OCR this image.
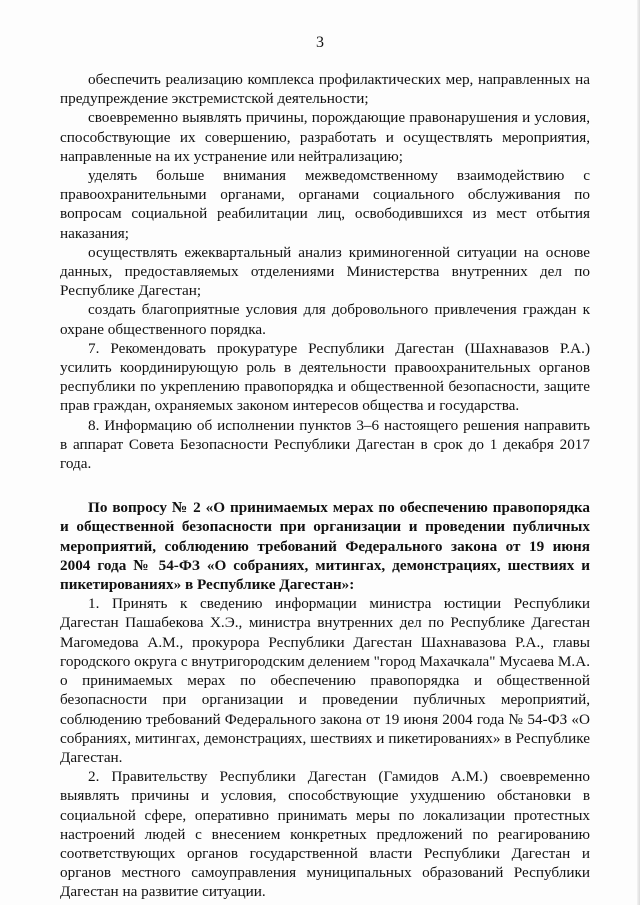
3

обеспечить реализацию комплекса профилактических мер, направленных на предупреждение экстремистской деятельности;

своевременно выявлять причины, порождающие правонарушения и условия, способствующие их совершению, разработать и осуществлять мероприятия, направленные на их устранение или нейтрализацию;

уделять больше внимания межведомственному взаимодействию с правоохранительными органами, органами социального обслуживания по вопросам социальной реабилитации лиц, освободившихся из мест отбытия наказания;

осуществлять ежеквартальный анализ криминогенной ситуации на основе данных, предоставляемых отделениями Министерства внутренних дел по Республике Дагестан;

создать благоприятные условия для добровольного привлечения граждан к охране общественного порядка.

7. Рекомендовать прокуратуре Республики Дагестан (Шахнавазов Р.А.) усилить координирующую роль в деятельности правоохранительных органов республики по укреплению правопорядка и общественной безопасности, защите прав граждан, охраняемых законом интересов общества и государства.

8. Информацию об исполнении пунктов 3–6 настоящего решения направить в аппарат Совета Безопасности Республики Дагестан в срок до 1 декабря 2017 года.

По вопросу № 2 «О принимаемых мерах по обеспечению правопорядка и общественной безопасности при организации и проведении публичных мероприятий, соблюдению требований Федерального закона от 19 июня 2004 года № 54-ФЗ «О собраниях, митингах, демонстрациях, шествиях и пикетированиях» в Республике Дагестан»:

1. Принять к сведению информации министра юстиции Республики Дагестан Пашабекова Х.Э., министра внутренних дел по Республике Дагестан Магомедова А.М., прокурора Республики Дагестан Шахнавазова Р.А., главы городского округа с внутригородским делением "город Махачкала" Мусаева М.А. о принимаемых мерах по обеспечению правопорядка и общественной безопасности при организации и проведении публичных мероприятий, соблюдению требований Федерального закона от 19 июня 2004 года № 54-ФЗ «О собраниях, митингах, демонстрациях, шествиях и пикетированиях» в Республике Дагестан.

2. Правительству Республики Дагестан (Гамидов А.М.) своевременно выявлять причины и условия, способствующие ухудшению обстановки в социальной сфере, оперативно принимать меры по локализации протестных настроений людей с внесением конкретных предложений по реагированию соответствующих органов государственной власти Республики Дагестан и органов местного самоуправления муниципальных образований Республики Дагестан на развитие ситуации.
